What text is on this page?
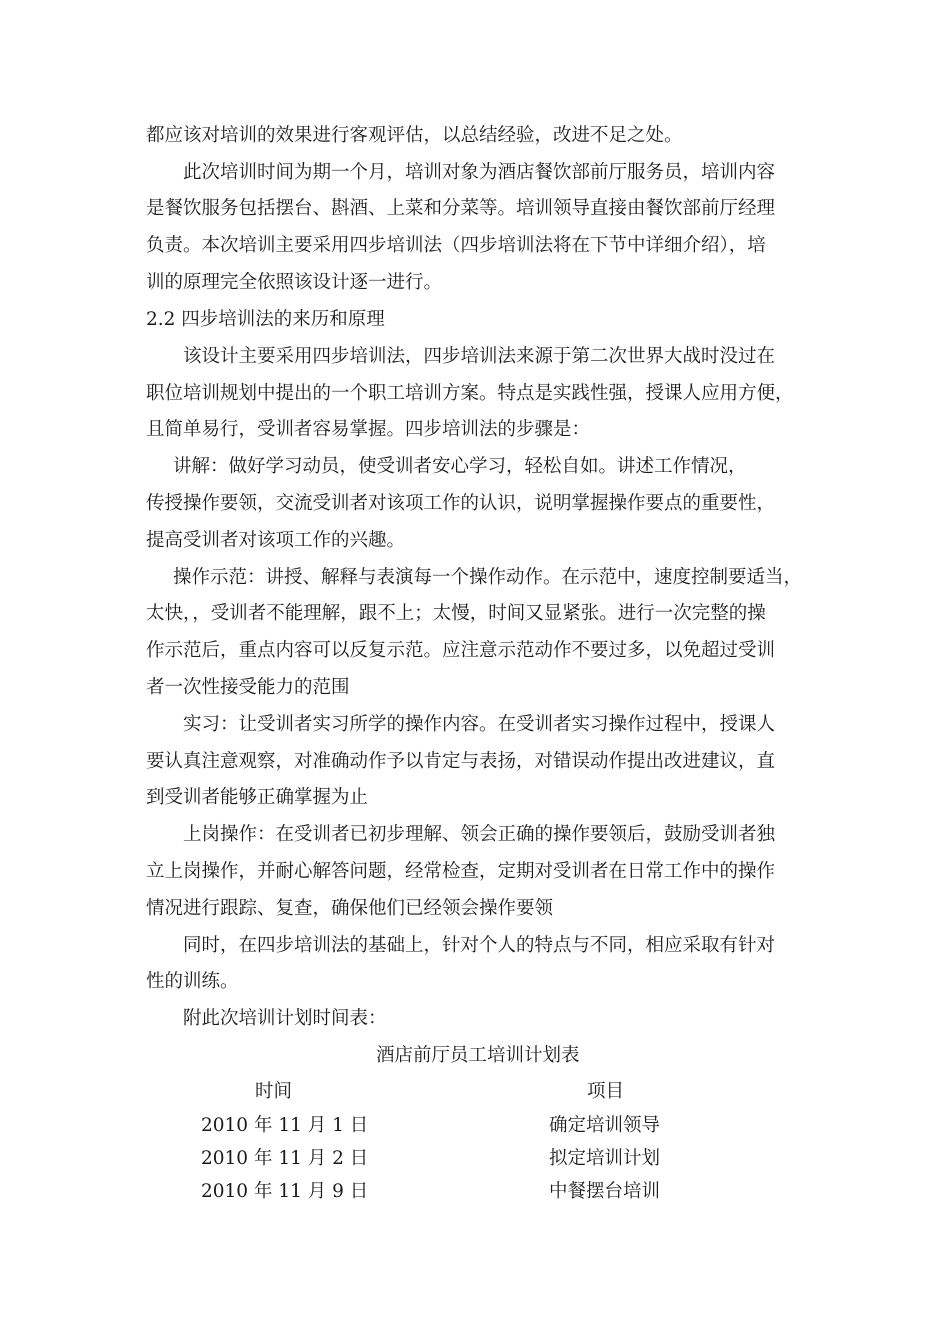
都应该对培训的效果进行客观评估，以总结经验，改进不足之处。
此次培训时间为期一个月，培训对象为酒店餐饮部前厅服务员，培训内容
是餐饮服务包括摆台、斟酒、上菜和分菜等。培训领导直接由餐饮部前厅经理
负责。本次培训主要采用四步培训法（四步培训法将在下节中详细介绍），培
训的原理完全依照该设计逐一进行。
2.2 四步培训法的来历和原理
该设计主要采用四步培训法，四步培训法来源于第二次世界大战时没过在
职位培训规划中提出的一个职工培训方案。特点是实践性强，授课人应用方便，
且简单易行，受训者容易掌握。四步培训法的步骤是：
讲解：做好学习动员，使受训者安心学习，轻松自如。讲述工作情况，
传授操作要领，交流受训者对该项工作的认识，说明掌握操作要点的重要性，
提高受训者对该项工作的兴趣。
操作示范：讲授、解释与表演每一个操作动作。在示范中，速度控制要适当，
太快，，受训者不能理解，跟不上；太慢，时间又显紧张。进行一次完整的操
作示范后，重点内容可以反复示范。应注意示范动作不要过多，以免超过受训
者一次性接受能力的范围
实习：让受训者实习所学的操作内容。在受训者实习操作过程中，授课人
要认真注意观察，对准确动作予以肯定与表扬，对错误动作提出改进建议，直
到受训者能够正确掌握为止
上岗操作：在受训者已初步理解、领会正确的操作要领后，鼓励受训者独
立上岗操作，并耐心解答问题，经常检查，定期对受训者在日常工作中的操作
情况进行跟踪、复查，确保他们已经领会操作要领
同时，在四步培训法的基础上，针对个人的特点与不同，相应采取有针对
性的训练。
附此次培训计划时间表：
酒店前厅员工培训计划表
时间	项目
2010 年 11 月 1 日	确定培训领导
2010 年 11 月 2 日	拟定培训计划
2010 年 11 月 9 日	中餐摆台培训
